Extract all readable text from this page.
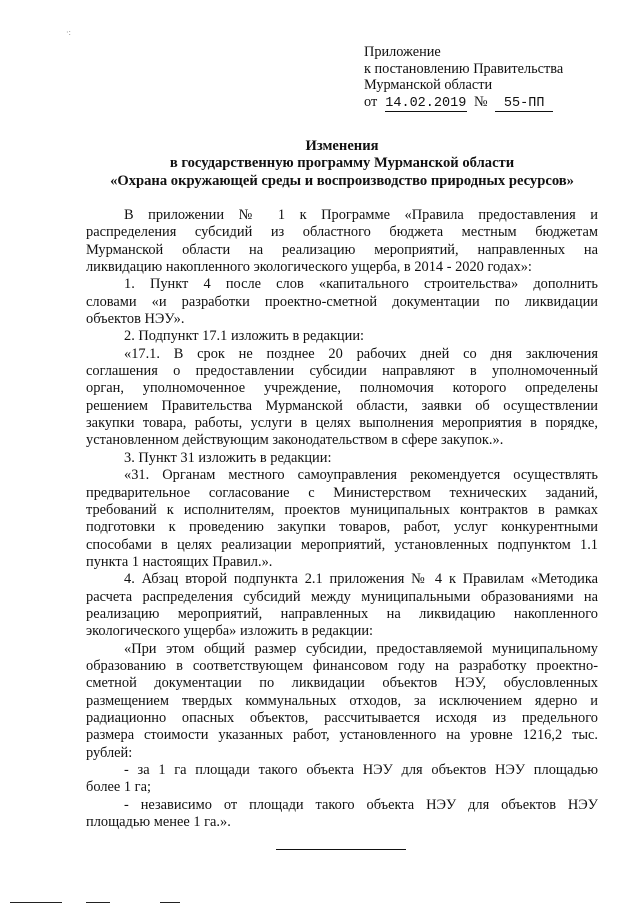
·:
Приложение
к постановлению Правительства
Мурманской области
от 14.02.2019 № 55-ПП
Изменения
в государственную программу Мурманской области
«Охрана окружающей среды и воспроизводство природных ресурсов»
В приложении № 1 к Программе «Правила предоставления и
распределения субсидий из областного бюджета местным бюджетам
Мурманской области на реализацию мероприятий, направленных на
ликвидацию накопленного экологического ущерба, в 2014 - 2020 годах»:
1. Пункт 4 после слов «капитального строительства» дополнить
словами «и разработки проектно-сметной документации по ликвидации
объектов НЭУ».
2. Подпункт 17.1 изложить в редакции:
«17.1. В срок не позднее 20 рабочих дней со дня заключения
соглашения о предоставлении субсидии направляют в уполномоченный
орган, уполномоченное учреждение, полномочия которого определены
решением Правительства Мурманской области, заявки об осуществлении
закупки товара, работы, услуги в целях выполнения мероприятия в порядке,
установленном действующим законодательством в сфере закупок.».
3. Пункт 31 изложить в редакции:
«31. Органам местного самоуправления рекомендуется осуществлять
предварительное согласование с Министерством технических заданий,
требований к исполнителям, проектов муниципальных контрактов в рамках
подготовки к проведению закупки товаров, работ, услуг конкурентными
способами в целях реализации мероприятий, установленных подпунктом 1.1
пункта 1 настоящих Правил.».
4. Абзац второй подпункта 2.1 приложения № 4 к Правилам «Методика
расчета распределения субсидий между муниципальными образованиями на
реализацию мероприятий, направленных на ликвидацию накопленного
экологического ущерба» изложить в редакции:
«При этом общий размер субсидии, предоставляемой муниципальному
образованию в соответствующем финансовом году на разработку проектно-
сметной документации по ликвидации объектов НЭУ, обусловленных
размещением твердых коммунальных отходов, за исключением ядерно и
радиационно опасных объектов, рассчитывается исходя из предельного
размера стоимости указанных работ, установленного на уровне 1216,2 тыс.
рублей:
- за 1 га площади такого объекта НЭУ для объектов НЭУ площадью
более 1 га;
- независимо от площади такого объекта НЭУ для объектов НЭУ
площадью менее 1 га.».
